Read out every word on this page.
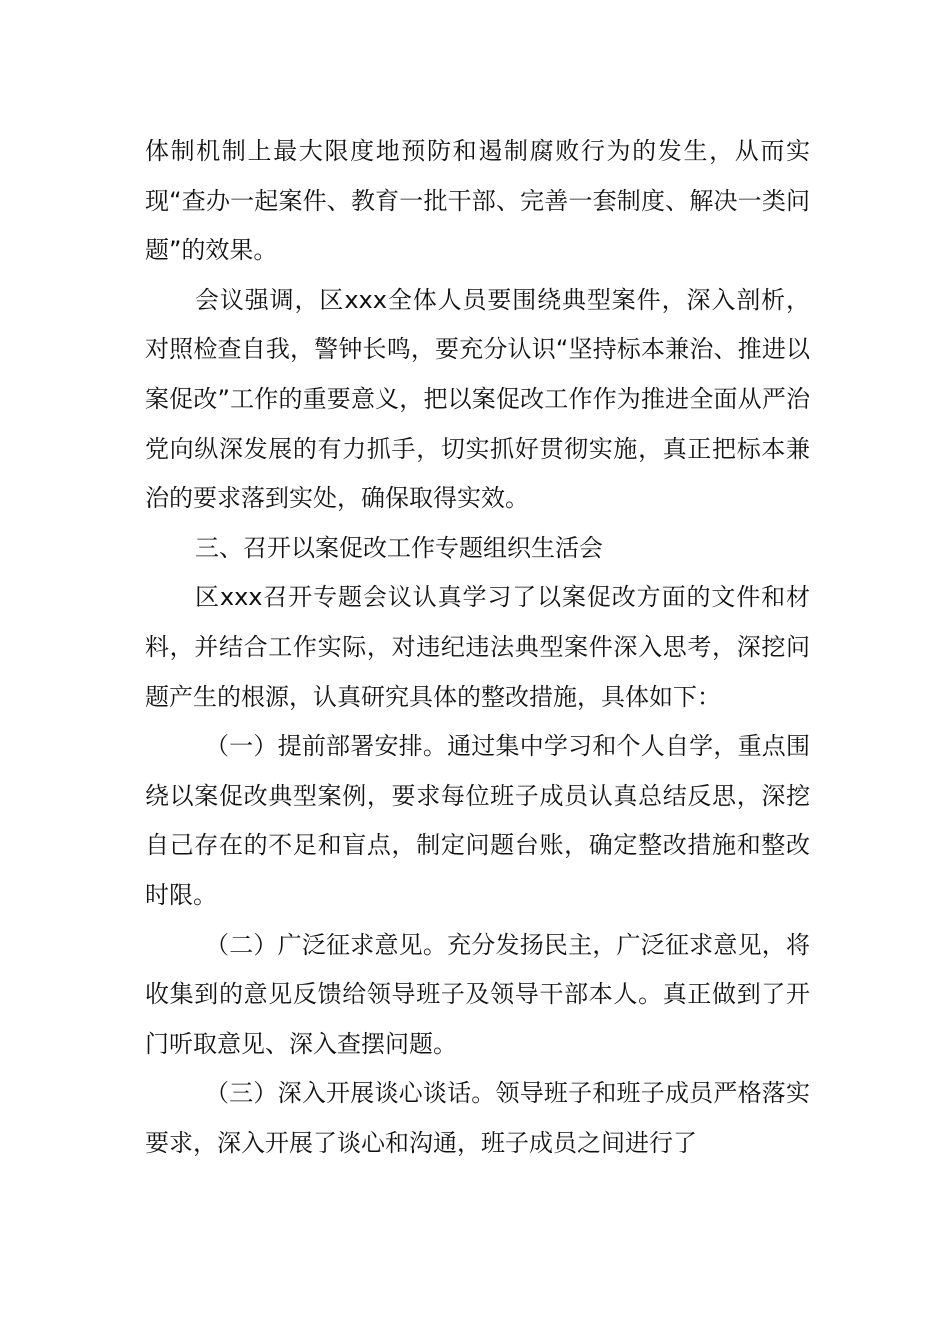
体制机制上最大限度地预防和遏制腐败行为的发生，从而实现“查办一起案件、教育一批干部、完善一套制度、解决一类问题”的效果。

会议强调，区xxx全体人员要围绕典型案件，深入剖析，对照检查自我，警钟长鸣，要充分认识“坚持标本兼治、推进以案促改”工作的重要意义，把以案促改工作作为推进全面从严治党向纵深发展的有力抓手，切实抓好贯彻实施，真正把标本兼治的要求落到实处，确保取得实效。

三、召开以案促改工作专题组织生活会

区xxx召开专题会议认真学习了以案促改方面的文件和材料，并结合工作实际，对违纪违法典型案件深入思考，深挖问题产生的根源，认真研究具体的整改措施，具体如下：

（一）提前部署安排。通过集中学习和个人自学，重点围绕以案促改典型案例，要求每位班子成员认真总结反思，深挖自己存在的不足和盲点，制定问题台账，确定整改措施和整改时限。

（二）广泛征求意见。充分发扬民主，广泛征求意见，将收集到的意见反馈给领导班子及领导干部本人。真正做到了开门听取意见、深入查摆问题。

（三）深入开展谈心谈话。领导班子和班子成员严格落实要求，深入开展了谈心和沟通，班子成员之间进行了
